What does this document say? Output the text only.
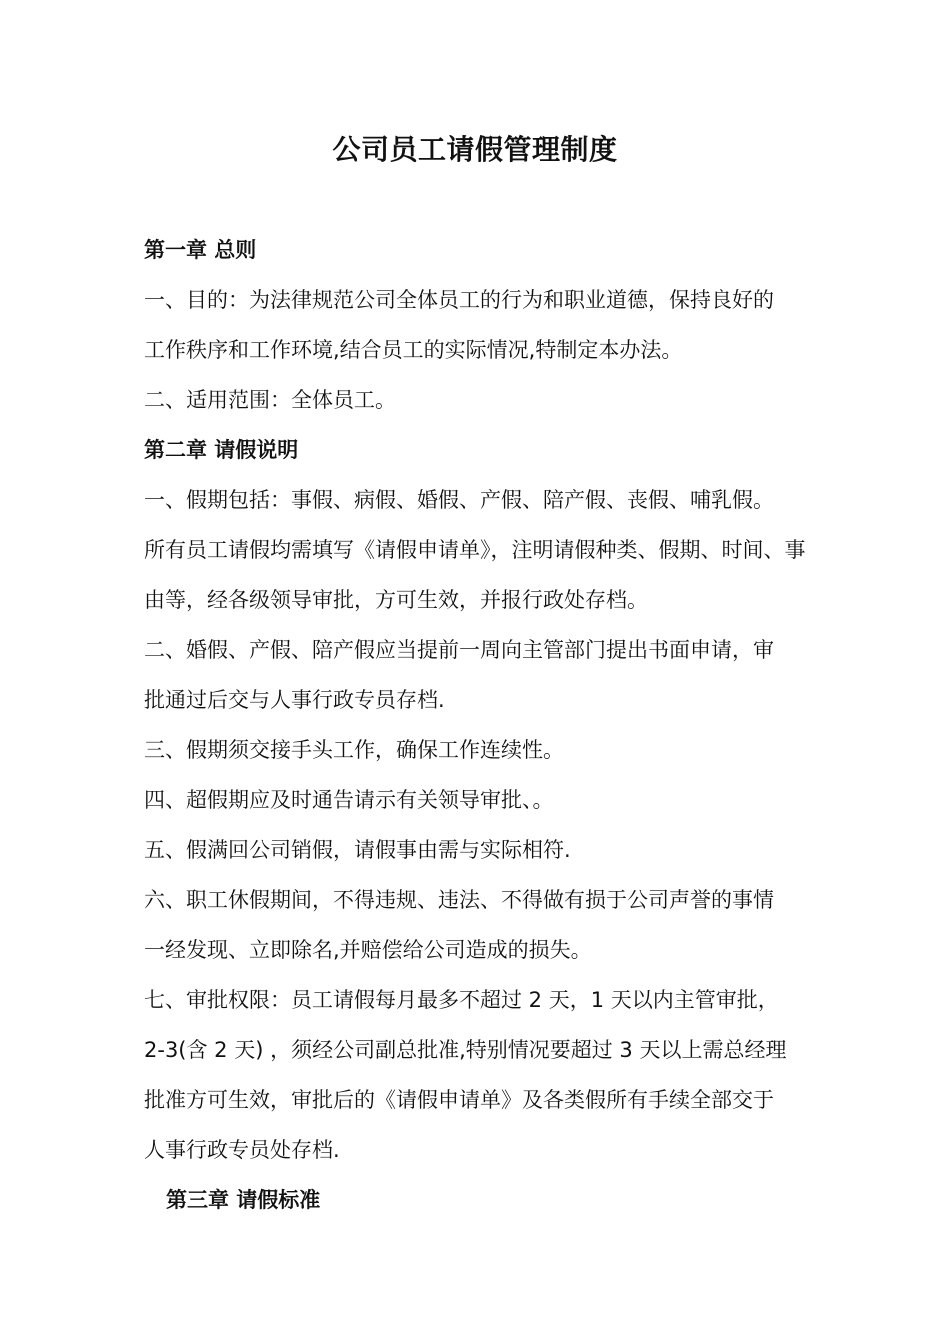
公司员工请假管理制度
第一章 总则
一、目的：为法律规范公司全体员工的行为和职业道德，保持良好的
工作秩序和工作环境,结合员工的实际情况,特制定本办法。
二、适用范围：全体员工。
第二章 请假说明
一、假期包括：事假、病假、婚假、产假、陪产假、丧假、哺乳假。
所有员工请假均需填写《请假申请单》，注明请假种类、假期、时间、事
由等，经各级领导审批，方可生效，并报行政处存档。
二、婚假、产假、陪产假应当提前一周向主管部门提出书面申请，审
批通过后交与人事行政专员存档.
三、假期须交接手头工作，确保工作连续性。
四、超假期应及时通告请示有关领导审批、。
五、假满回公司销假，请假事由需与实际相符.
六、职工休假期间，不得违规、违法、不得做有损于公司声誉的事情
一经发现、立即除名,并赔偿给公司造成的损失。
七、审批权限：员工请假每月最多不超过 2 天，1 天以内主管审批，
2-3(含 2 天) ，须经公司副总批准,特别情况要超过 3 天以上需总经理
批准方可生效，审批后的《请假申请单》及各类假所有手续全部交于
人事行政专员处存档.
第三章 请假标准
